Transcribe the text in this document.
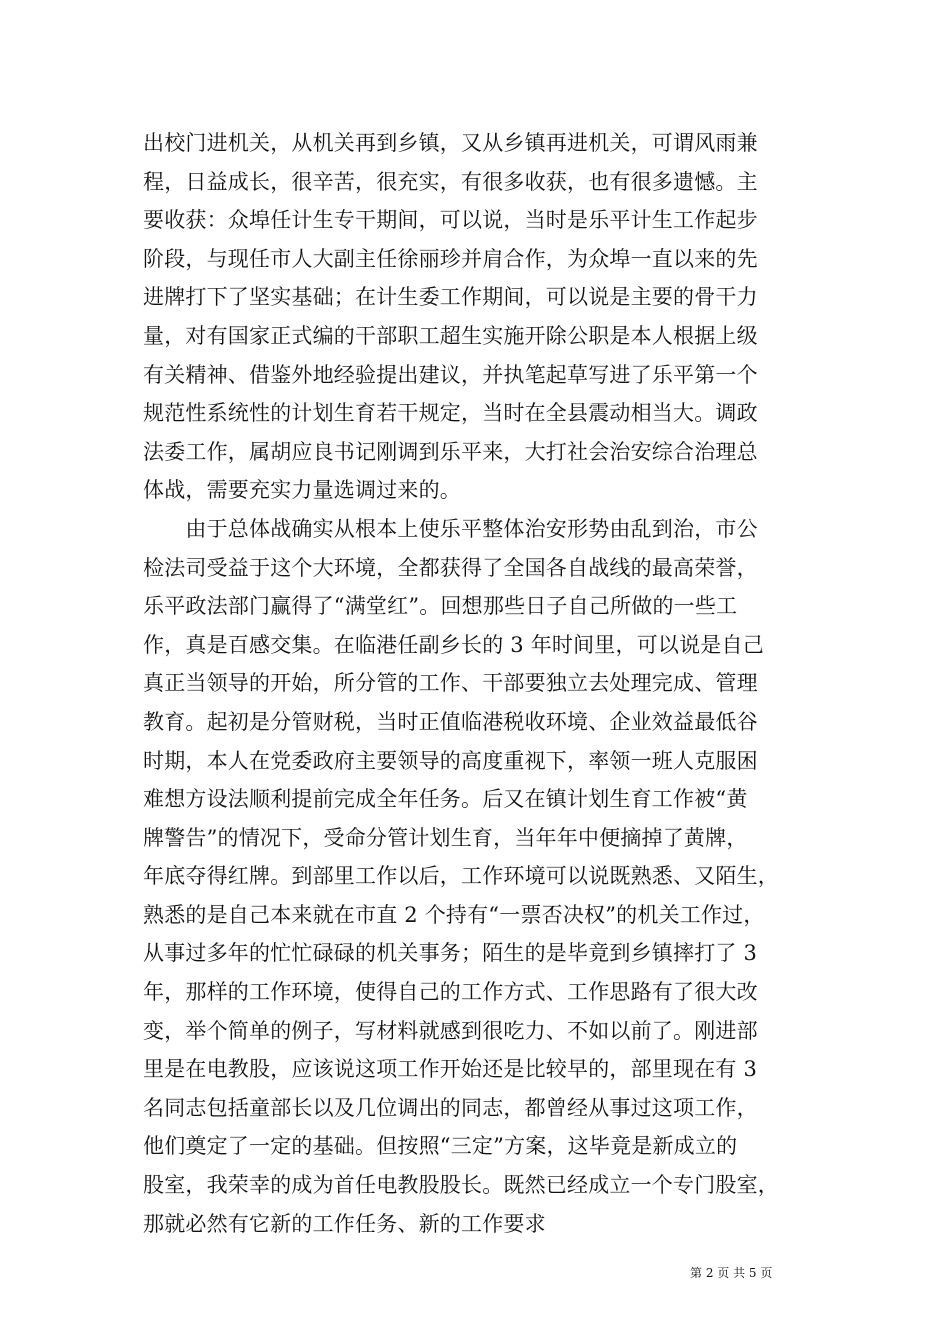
出校门进机关，从机关再到乡镇，又从乡镇再进机关，可谓风雨兼
程，日益成长，很辛苦，很充实，有很多收获，也有很多遗憾。主
要收获：众埠任计生专干期间，可以说，当时是乐平计生工作起步
阶段，与现任市人大副主任徐丽珍并肩合作，为众埠一直以来的先
进牌打下了坚实基础；在计生委工作期间，可以说是主要的骨干力
量，对有国家正式编的干部职工超生实施开除公职是本人根据上级
有关精神、借鉴外地经验提出建议，并执笔起草写进了乐平第一个
规范性系统性的计划生育若干规定，当时在全县震动相当大。调政
法委工作，属胡应良书记刚调到乐平来，大打社会治安综合治理总
体战，需要充实力量选调过来的。
　　由于总体战确实从根本上使乐平整体治安形势由乱到治，市公
检法司受益于这个大环境，全都获得了全国各自战线的最高荣誉，
乐平政法部门赢得了“满堂红”。回想那些日子自己所做的一些工
作，真是百感交集。在临港任副乡长的 3 年时间里，可以说是自己
真正当领导的开始，所分管的工作、干部要独立去处理完成、管理
教育。起初是分管财税，当时正值临港税收环境、企业效益最低谷
时期，本人在党委政府主要领导的高度重视下，率领一班人克服困
难想方设法顺利提前完成全年任务。后又在镇计划生育工作被“黄
牌警告”的情况下，受命分管计划生育，当年年中便摘掉了黄牌，
年底夺得红牌。到部里工作以后，工作环境可以说既熟悉、又陌生，
熟悉的是自己本来就在市直 2 个持有“一票否决权”的机关工作过，
从事过多年的忙忙碌碌的机关事务；陌生的是毕竟到乡镇摔打了 3
年，那样的工作环境，使得自己的工作方式、工作思路有了很大改
变，举个简单的例子，写材料就感到很吃力、不如以前了。刚进部
里是在电教股，应该说这项工作开始还是比较早的，部里现在有 3
名同志包括童部长以及几位调出的同志，都曾经从事过这项工作，
他们奠定了一定的基础。但按照“三定”方案，这毕竟是新成立的
股室，我荣幸的成为首任电教股股长。既然已经成立一个专门股室，
那就必然有它新的工作任务、新的工作要求
第 2 页 共 5 页
